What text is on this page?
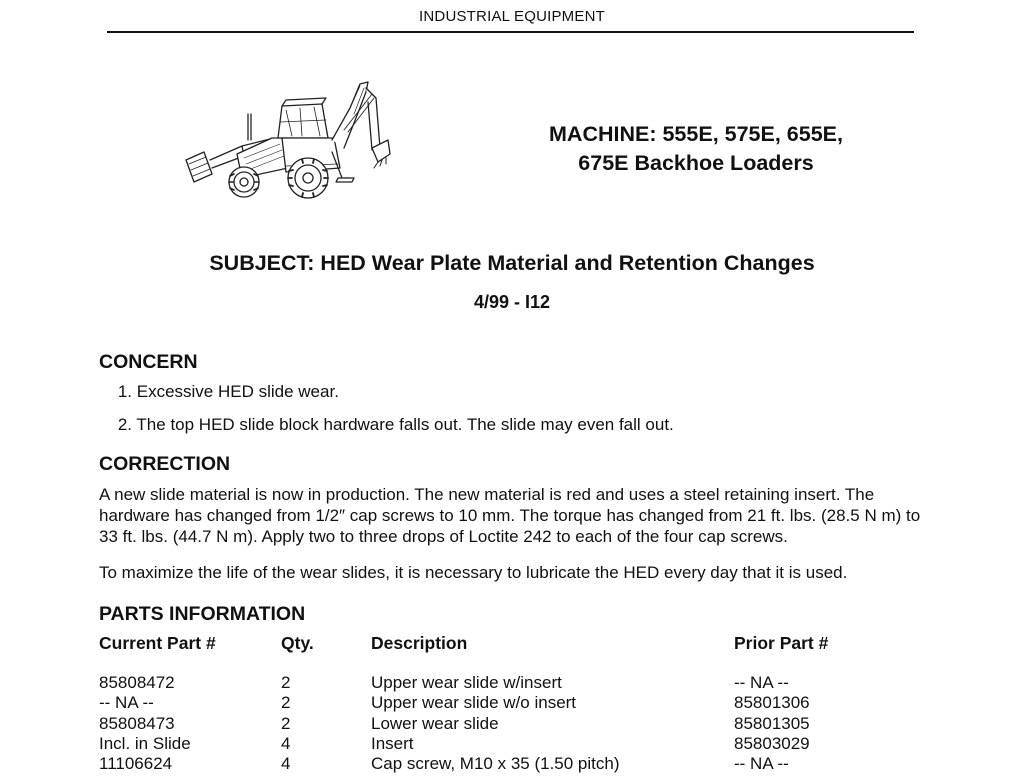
INDUSTRIAL EQUIPMENT
MACHINE: 555E, 575E, 655E,
675E Backhoe Loaders
SUBJECT: HED Wear Plate Material and Retention Changes
4/99 - I12
CONCERN
1. Excessive HED slide wear.
2. The top HED slide block hardware falls out. The slide may even fall out.
CORRECTION
A new slide material is now in production. The new material is red and uses a steel retaining insert. The hardware has changed from 1/2″ cap screws to 10 mm. The torque has changed from 21 ft. lbs. (28.5 N m) to 33 ft. lbs. (44.7 N m). Apply two to three drops of Loctite 242 to each of the four cap screws.
To maximize the life of the wear slides, it is necessary to lubricate the HED every day that it is used.
PARTS INFORMATION
Current Part #	Qty.	Description	Prior Part #
85808472	2	Upper wear slide w/insert	-- NA --
-- NA --	2	Upper wear slide w/o insert	85801306
85808473	2	Lower wear slide	85801305
Incl. in Slide	4	Insert	85803029
11106624	4	Cap screw, M10 x 35 (1.50 pitch)	-- NA --
